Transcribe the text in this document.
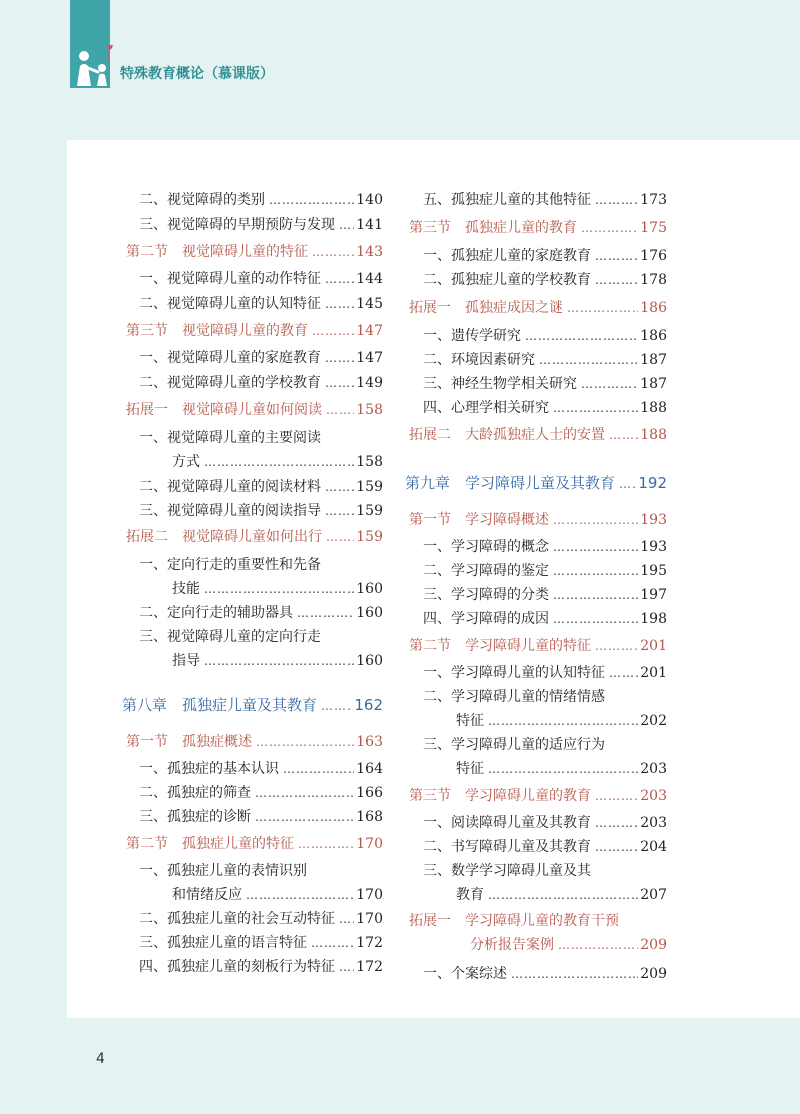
特殊教育概论（慕课版）
二、视觉障碍的类别 ……………………………………………………………………………………	140
三、视觉障碍的早期预防与发现 …………………………………………………………………………………… 141
第二节　视觉障碍儿童的特征 ……………………………………………………………………………………	143
一、视觉障碍儿童的动作特征 ……………………………………………………………………………………	144
二、视觉障碍儿童的认知特征 ……………………………………………………………………………………	145
第三节　视觉障碍儿童的教育 ……………………………………………………………………………………	147
一、视觉障碍儿童的家庭教育 ……………………………………………………………………………………	147
二、视觉障碍儿童的学校教育 ……………………………………………………………………………………	149
拓展一　视觉障碍儿童如何阅读 …………………………………………………………………………………… 158
一、视觉障碍儿童的主要阅读
方式 ……………………………………………………………………………………	158
二、视觉障碍儿童的阅读材料 ……………………………………………………………………………………	159
三、视觉障碍儿童的阅读指导 ……………………………………………………………………………………	159
拓展二　视觉障碍儿童如何出行 …………………………………………………………………………………… 159
一、定向行走的重要性和先备
技能 ……………………………………………………………………………………	160
二、定向行走的辅助器具 ……………………………………………………………………………………	160
三、视觉障碍儿童的定向行走
指导 ……………………………………………………………………………………	160
第八章　孤独症儿童及其教育 …………………………………………………………………………………… 162
第一节　孤独症概述 ……………………………………………………………………………………	163
一、孤独症的基本认识 ……………………………………………………………………………………	164
二、孤独症的筛查 ……………………………………………………………………………………	166
三、孤独症的诊断 ……………………………………………………………………………………	168
第二节　孤独症儿童的特征 ……………………………………………………………………………………	170
一、孤独症儿童的表情识别
和情绪反应 ……………………………………………………………………………………	170
二、孤独症儿童的社会互动特征 …………………………………………………………………………………… 170
三、孤独症儿童的语言特征 ……………………………………………………………………………………	172
四、孤独症儿童的刻板行为特征 …………………………………………………………………………………… 172
五、孤独症儿童的其他特征 ……………………………………………………………………………………	173
第三节　孤独症儿童的教育 ……………………………………………………………………………………	175
一、孤独症儿童的家庭教育 ……………………………………………………………………………………	176
二、孤独症儿童的学校教育 ……………………………………………………………………………………	178
拓展一　孤独症成因之谜 ……………………………………………………………………………………	186
一、遗传学研究 ……………………………………………………………………………………	186
二、环境因素研究 ……………………………………………………………………………………	187
三、神经生物学相关研究 ……………………………………………………………………………………	187
四、心理学相关研究 ……………………………………………………………………………………	188
拓展二　大龄孤独症人士的安置 ……………………………………………………………………………………	188
第九章　学习障碍儿童及其教育 …………………………………………………………………………………… 192
第一节　学习障碍概述 ……………………………………………………………………………………	193
一、学习障碍的概念 ……………………………………………………………………………………	193
二、学习障碍的鉴定 ……………………………………………………………………………………	195
三、学习障碍的分类 ……………………………………………………………………………………	197
四、学习障碍的成因 ……………………………………………………………………………………	198
第二节　学习障碍儿童的特征 ……………………………………………………………………………………	201
一、学习障碍儿童的认知特征 ……………………………………………………………………………………	201
二、学习障碍儿童的情绪情感
特征 ……………………………………………………………………………………	202
三、学习障碍儿童的适应行为
特征 ……………………………………………………………………………………	203
第三节　学习障碍儿童的教育 ……………………………………………………………………………………	203
一、阅读障碍儿童及其教育 ……………………………………………………………………………………	203
二、书写障碍儿童及其教育 ……………………………………………………………………………………	204
三、数学学习障碍儿童及其
教育 ……………………………………………………………………………………	207
拓展一　学习障碍儿童的教育干预
分析报告案例 ……………………………………………………………………………………	209
一、个案综述 ……………………………………………………………………………………	209
4
